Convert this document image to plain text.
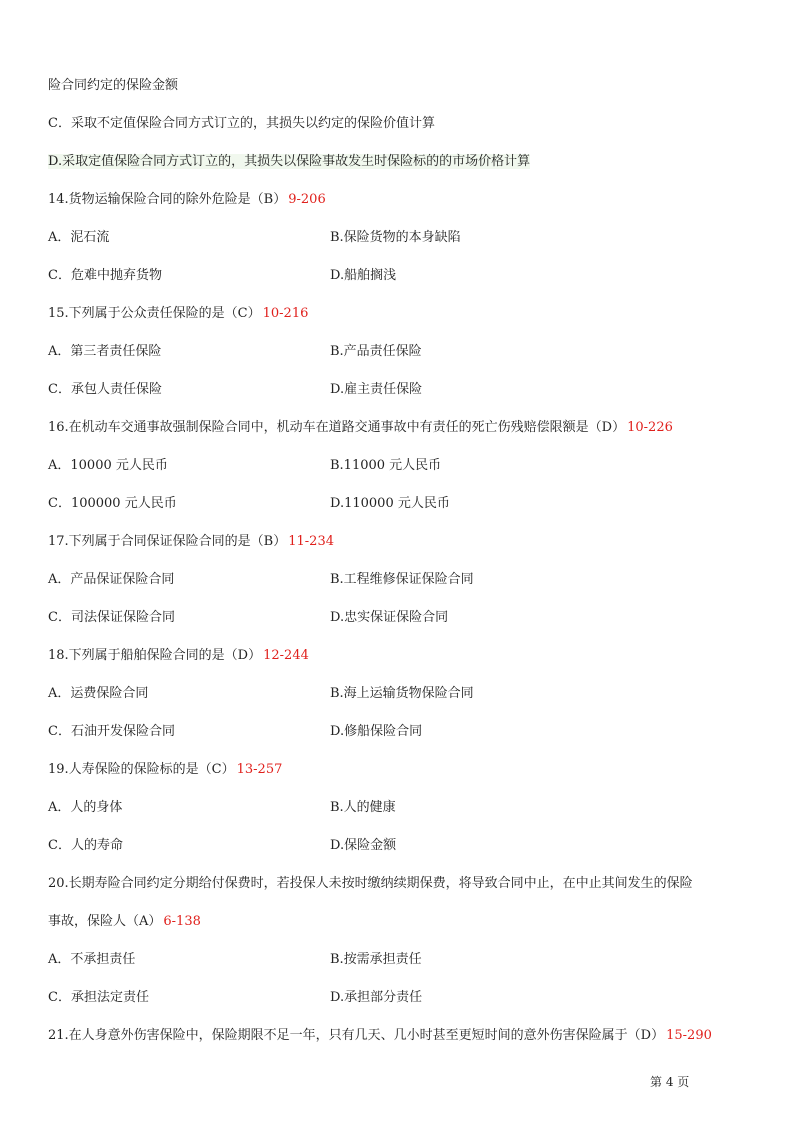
险合同约定的保险金额
C．采取不定值保险合同方式订立的，其损失以约定的保险价值计算
D.采取定值保险合同方式订立的，其损失以保险事故发生时保险标的的市场价格计算
14.货物运输保险合同的除外危险是（B） 9-206
A．泥石流	B.保险货物的本身缺陷
C．危难中抛弃货物	D.船舶搁浅
15.下列属于公众责任保险的是（C） 10-216
A．第三者责任保险	B.产品责任保险
C．承包人责任保险	D.雇主责任保险
16.在机动车交通事故强制保险合同中，机动车在道路交通事故中有责任的死亡伤残赔偿限额是（D） 10-226
A．10000 元人民币	B.11000 元人民币
C．100000 元人民币	D.110000 元人民币
17.下列属于合同保证保险合同的是（B） 11-234
A．产品保证保险合同	B.工程维修保证保险合同
C．司法保证保险合同	D.忠实保证保险合同
18.下列属于船舶保险合同的是（D） 12-244
A．运费保险合同	B.海上运输货物保险合同
C．石油开发保险合同	D.修船保险合同
19.人寿保险的保险标的是（C） 13-257
A．人的身体	B.人的健康
C．人的寿命	D.保险金额
20.长期寿险合同约定分期给付保费时，若投保人未按时缴纳续期保费，将导致合同中止，在中止其间发生的保险
事故，保险人（A） 6-138
A．不承担责任	B.按需承担责任
C．承担法定责任	D.承担部分责任
21.在人身意外伤害保险中，保险期限不足一年，只有几天、几小时甚至更短时间的意外伤害保险属于（D） 15-290
第 4 页
